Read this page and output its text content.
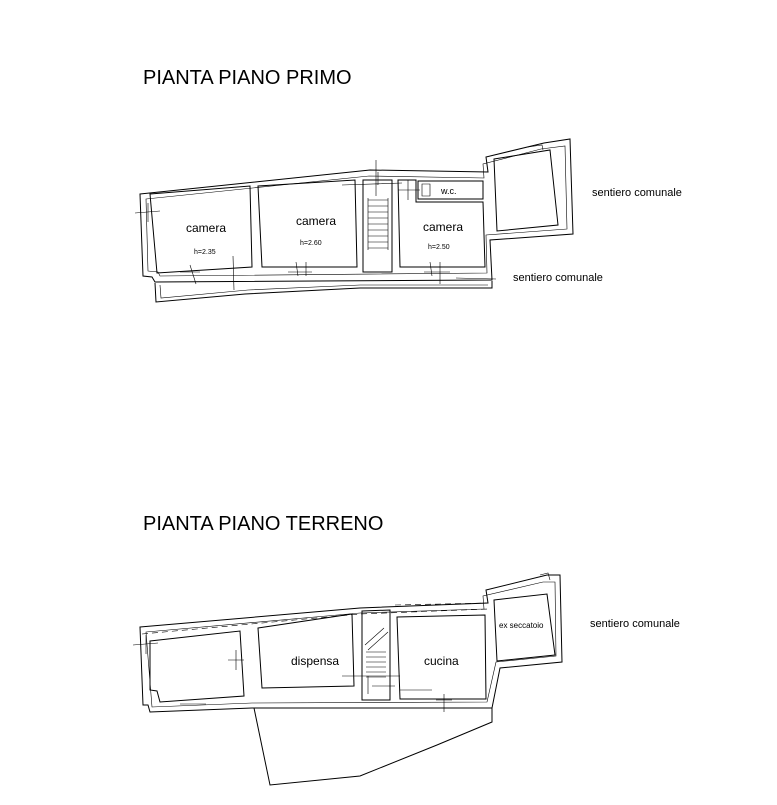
PIANTA PIANO PRIMO
camera
h=2.35
camera
h=2.60
camera
h=2.50
w.c.	sentiero comunale
sentiero comunale
PIANTA PIANO TERRENO
dispensa	cucina
ex seccatoio	sentiero comunale
